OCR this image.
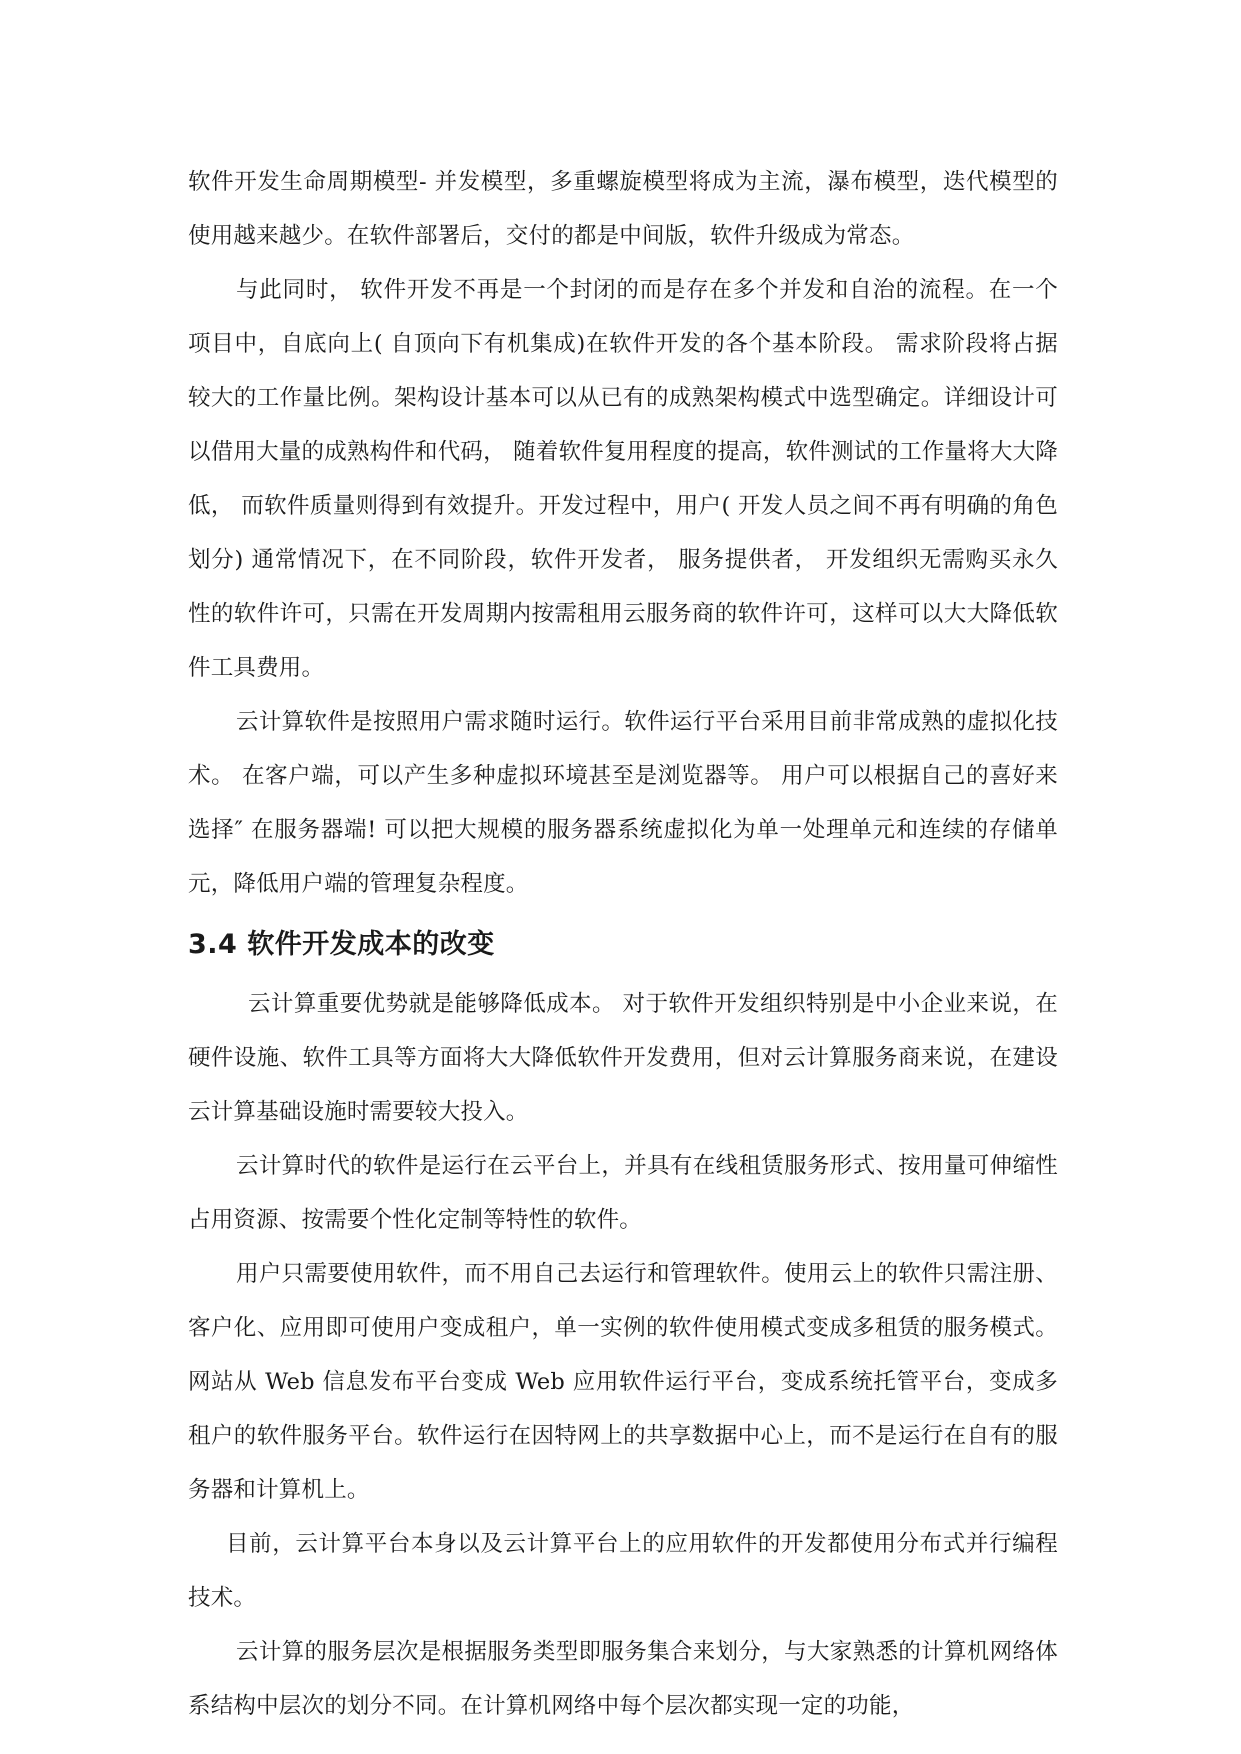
软件开发生命周期模型- 并发模型，多重螺旋模型将成为主流，瀑布模型，迭代模型的使用越来越少。在软件部署后，交付的都是中间版，软件升级成为常态。

与此同时， 软件开发不再是一个封闭的而是存在多个并发和自治的流程。在一个项目中，自底向上( 自顶向下有机集成)在软件开发的各个基本阶段。 需求阶段将占据较大的工作量比例。架构设计基本可以从已有的成熟架构模式中选型确定。详细设计可以借用大量的成熟构件和代码， 随着软件复用程度的提高，软件测试的工作量将大大降低， 而软件质量则得到有效提升。开发过程中，用户( 开发人员之间不再有明确的角色划分) 通常情况下，在不同阶段，软件开发者， 服务提供者， 开发组织无需购买永久性的软件许可，只需在开发周期内按需租用云服务商的软件许可，这样可以大大降低软件工具费用。

云计算软件是按照用户需求随时运行。软件运行平台采用目前非常成熟的虚拟化技术。 在客户端，可以产生多种虚拟环境甚至是浏览器等。 用户可以根据自己的喜好来选择″ 在服务器端! 可以把大规模的服务器系统虚拟化为单一处理单元和连续的存储单元，降低用户端的管理复杂程度。

3.4 软件开发成本的改变

云计算重要优势就是能够降低成本。 对于软件开发组织特别是中小企业来说，在硬件设施、软件工具等方面将大大降低软件开发费用，但对云计算服务商来说，在建设云计算基础设施时需要较大投入。

云计算时代的软件是运行在云平台上，并具有在线租赁服务形式、按用量可伸缩性占用资源、按需要个性化定制等特性的软件。

用户只需要使用软件，而不用自己去运行和管理软件。使用云上的软件只需注册、客户化、应用即可使用户变成租户，单一实例的软件使用模式变成多租赁的服务模式。网站从 Web 信息发布平台变成 Web 应用软件运行平台，变成系统托管平台，变成多租户的软件服务平台。软件运行在因特网上的共享数据中心上，而不是运行在自有的服务器和计算机上。

目前，云计算平台本身以及云计算平台上的应用软件的开发都使用分布式并行编程技术。

云计算的服务层次是根据服务类型即服务集合来划分，与大家熟悉的计算机网络体系结构中层次的划分不同。在计算机网络中每个层次都实现一定的功能，
